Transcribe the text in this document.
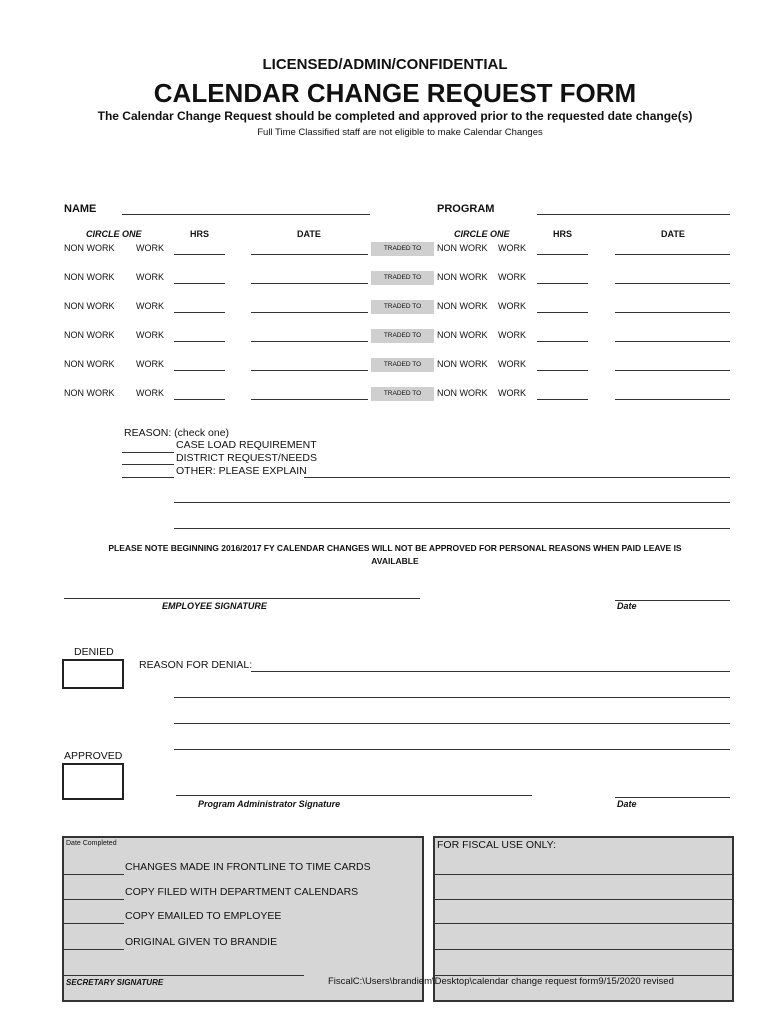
LICENSED/ADMIN/CONFIDENTIAL
CALENDAR CHANGE REQUEST FORM
The Calendar Change Request should be completed and approved prior to the requested date change(s)
Full Time Classified staff are not eligible to make Calendar Changes
NAME	PROGRAM
CIRCLE ONE	HRS	DATE	CIRCLE ONE	HRS	DATE
NON WORK WORK	TRADED TO	NON WORK WORK
NON WORK WORK	TRADED TO	NON WORK WORK
NON WORK WORK	TRADED TO	NON WORK WORK
NON WORK WORK	TRADED TO	NON WORK WORK
NON WORK WORK	TRADED TO	NON WORK WORK
NON WORK WORK	TRADED TO	NON WORK WORK
REASON: (check one)
CASE LOAD REQUIREMENT
DISTRICT REQUEST/NEEDS
OTHER: PLEASE EXPLAIN
PLEASE NOTE BEGINNING 2016/2017 FY CALENDAR CHANGES WILL NOT BE APPROVED FOR PERSONAL REASONS WHEN PAID LEAVE IS
AVAILABLE
EMPLOYEE SIGNATURE	Date
DENIED
REASON FOR DENIAL:
APPROVED
Program Administrator Signature	Date
Date Completed
CHANGES MADE IN FRONTLINE TO TIME CARDS
COPY FILED WITH DEPARTMENT CALENDARS
COPY EMAILED TO EMPLOYEE
ORIGINAL GIVEN TO BRANDIE
SECRETARY SIGNATURE
FOR FISCAL USE ONLY:
FiscalC:\Users\brandiem\Desktop\calendar change request form9/15/2020 revised
